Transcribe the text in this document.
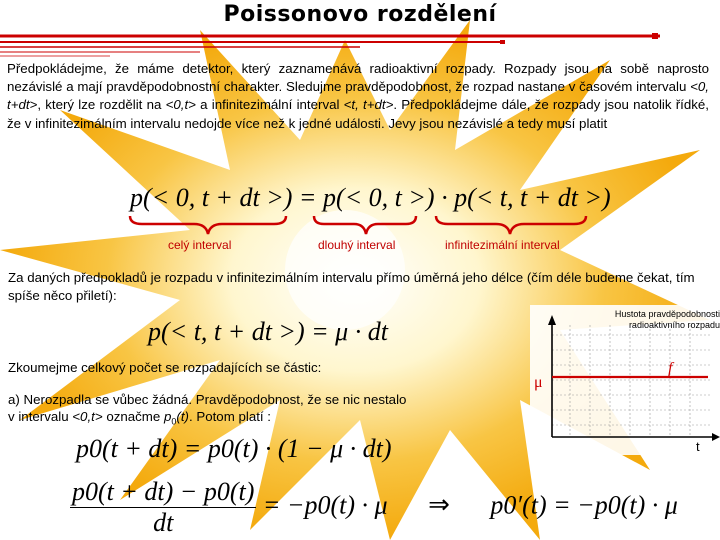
Poissonovo rozdělení
Předpokládejme, že máme detektor, který zaznamenává radioaktivní rozpady. Rozpady jsou na sobě naprosto nezávislé a mají pravděpodobnostní charakter. Sledujme pravděpodobnost, že rozpad nastane v časovém intervalu <0, t+dt>, který lze rozdělit na <0,t> a infinitezimální interval <t, t+dt>. Předpokládejme dále, že rozpady jsou natolik řídké, že v infinitezimálním intervalu nedojde více než k jedné události. Jevy jsou nezávislé a tedy musí platit
p(< 0, t + dt >) = p(< 0, t >) · p(< t, t + dt >)
celý interval	dlouhý interval	infinitezimální interval
Za daných předpokladů je rozpadu v infinitezimálním intervalu přímo úměrná jeho délce (čím déle budeme čekat, tím spíše něco přiletí):
p(< t, t + dt >) = μ · dt
Zkoumejme celkový počet se rozpadajících se částic:
a) Nerozpadla se vůbec žádná. Pravděpodobnost, že se nic nestalo v intervalu <0,t> označme $p_0(t)$. Potom platí :
p0(t + dt) = p0(t) · (1 − μ · dt)
$\frac{p0(t + dt) - p0(t)}{dt} = -p0(t) \cdot \mu$ ⇒ p0′(t) = −p0(t) · μ
μ
f
t
Hustota pravděpodobnosti
radioaktivního rozpadu
